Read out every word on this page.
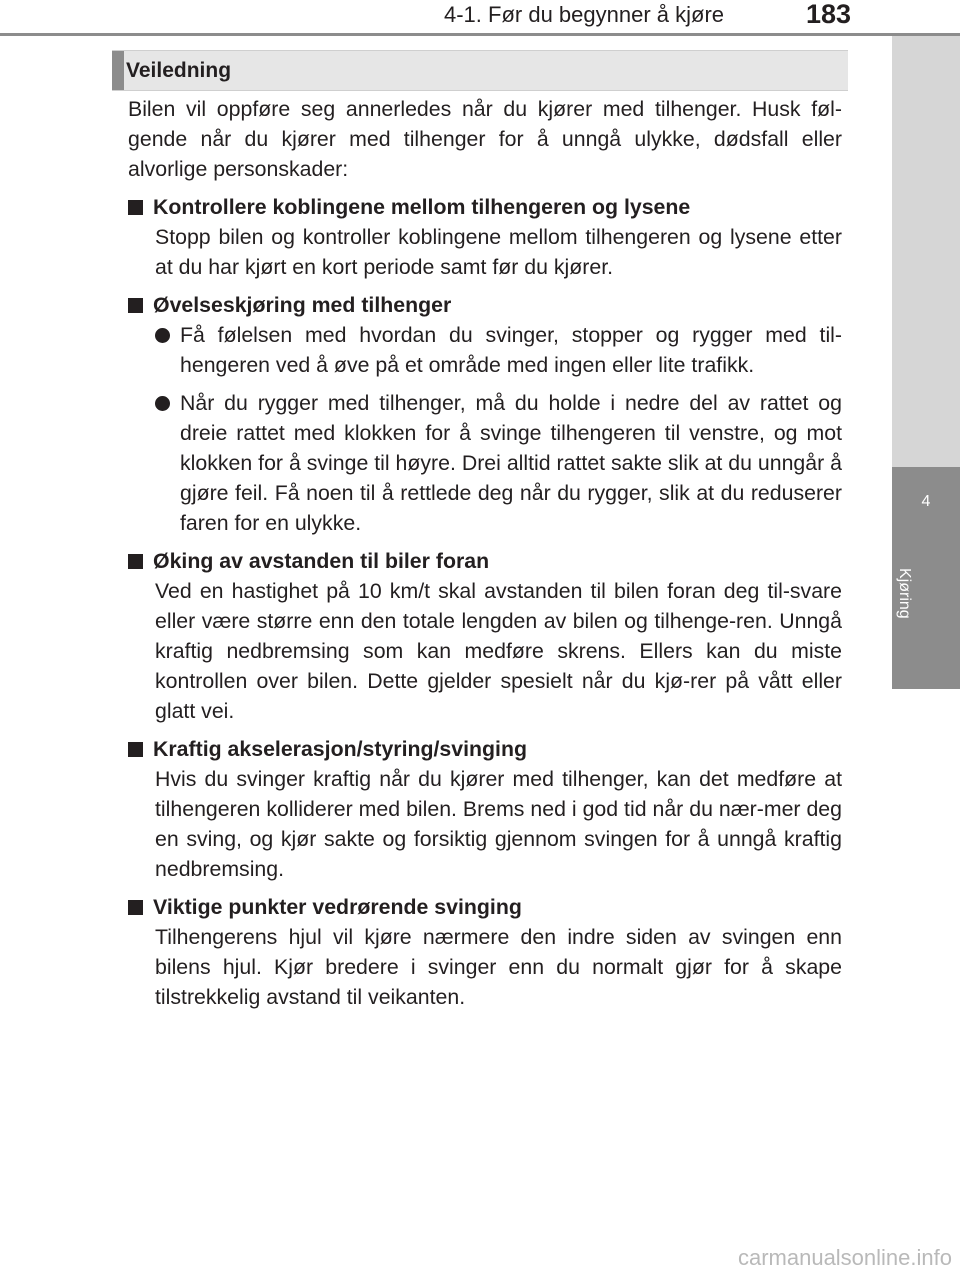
4-1. Før du begynner å kjøre	183
4
Kjøring
Veiledning

Bilen vil oppføre seg annerledes når du kjører med tilhenger. Husk føl-gende når du kjører med tilhenger for å unngå ulykke, dødsfall eller alvorlige personskader:

Kontrollere koblingene mellom tilhengeren og lysene
Stopp bilen og kontroller koblingene mellom tilhengeren og lysene etter at du har kjørt en kort periode samt før du kjører.
Øvelseskjøring med tilhenger
Få følelsen med hvordan du svinger, stopper og rygger med til-hengeren ved å øve på et område med ingen eller lite trafikk.
Når du rygger med tilhenger, må du holde i nedre del av rattet og dreie rattet med klokken for å svinge tilhengeren til venstre, og mot klokken for å svinge til høyre. Drei alltid rattet sakte slik at du unngår å gjøre feil. Få noen til å rettlede deg når du rygger, slik at du reduserer faren for en ulykke.
Øking av avstanden til biler foran
Ved en hastighet på 10 km/t skal avstanden til bilen foran deg til-svare eller være større enn den totale lengden av bilen og tilhenge-ren. Unngå kraftig nedbremsing som kan medføre skrens. Ellers kan du miste kontrollen over bilen. Dette gjelder spesielt når du kjø-rer på vått eller glatt vei.
Kraftig akselerasjon/styring/svinging
Hvis du svinger kraftig når du kjører med tilhenger, kan det medføre at tilhengeren kolliderer med bilen. Brems ned i god tid når du nær-mer deg en sving, og kjør sakte og forsiktig gjennom svingen for å unngå kraftig nedbremsing.
Viktige punkter vedrørende svinging
Tilhengerens hjul vil kjøre nærmere den indre siden av svingen enn bilens hjul. Kjør bredere i svinger enn du normalt gjør for å skape tilstrekkelig avstand til veikanten.
carmanualsonline.info
